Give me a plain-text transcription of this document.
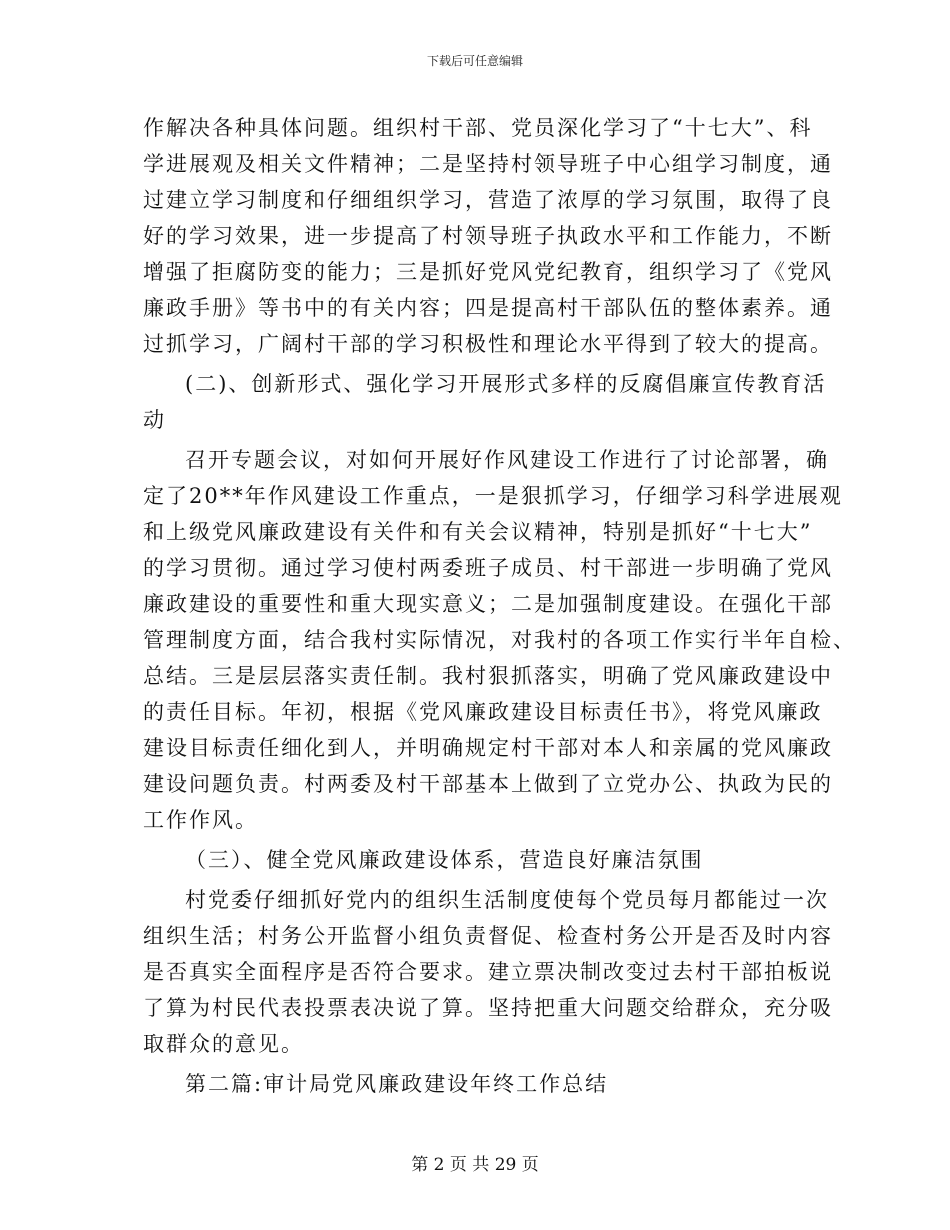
下载后可任意编辑
作解决各种具体问题。组织村干部、党员深化学习了“十七大”、科
学进展观及相关文件精神；二是坚持村领导班子中心组学习制度，通
过建立学习制度和仔细组织学习，营造了浓厚的学习氛围，取得了良
好的学习效果，进一步提高了村领导班子执政水平和工作能力，不断
增强了拒腐防变的能力；三是抓好党风党纪教育，组织学习了《党风
廉政手册》等书中的有关内容；四是提高村干部队伍的整体素养。通
过抓学习，广阔村干部的学习积极性和理论水平得到了较大的提高。
(二)、创新形式、强化学习开展形式多样的反腐倡廉宣传教育活
动
召开专题会议，对如何开展好作风建设工作进行了讨论部署，确
定了20**年作风建设工作重点，一是狠抓学习，仔细学习科学进展观
和上级党风廉政建设有关件和有关会议精神，特别是抓好“十七大”
的学习贯彻。通过学习使村两委班子成员、村干部进一步明确了党风
廉政建设的重要性和重大现实意义；二是加强制度建设。在强化干部
管理制度方面，结合我村实际情况，对我村的各项工作实行半年自检、
总结。三是层层落实责任制。我村狠抓落实，明确了党风廉政建设中
的责任目标。年初，根据《党风廉政建设目标责任书》，将党风廉政
建设目标责任细化到人，并明确规定村干部对本人和亲属的党风廉政
建设问题负责。村两委及村干部基本上做到了立党办公、执政为民的
工作作风。
（三）、健全党风廉政建设体系，营造良好廉洁氛围
村党委仔细抓好党内的组织生活制度使每个党员每月都能过一次
组织生活；村务公开监督小组负责督促、检查村务公开是否及时内容
是否真实全面程序是否符合要求。建立票决制改变过去村干部拍板说
了算为村民代表投票表决说了算。坚持把重大问题交给群众，充分吸
取群众的意见。
第二篇:审计局党风廉政建设年终工作总结
第 2 页 共 29 页
